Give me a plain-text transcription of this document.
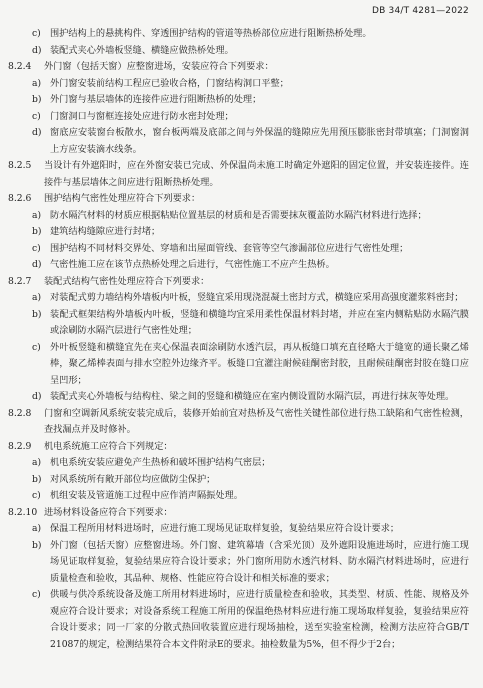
DB 34/T 4281—2022
c)	围护结构上的悬挑构件、穿透围护结构的管道等热桥部位应进行阻断热桥处理。
d) 装配式夹心外墙板竖缝、横缝应做热桥处理。
8.2.4	外门窗（包括天窗）应整窗进场，安装应符合下列要求：
a) 外门窗安装前结构工程应已验收合格，门窗结构洞口平整；
b) 外门窗与基层墙体的连接件应进行阻断热桥的处理；
c)	门窗洞口与窗框连接处应进行防水密封处理；
d) 窗底应安装窗台板散水，窗台板两端及底部之间与外保温的缝隙应先用预压膨胀密封带填塞；门洞窗洞上方应安装滴水线条。
8.2.5	当设计有外遮阳时，应在外窗安装已完成、外保温尚未施工时确定外遮阳的固定位置，并安装连接件。连接件与基层墙体之间应进行阻断热桥处理。
8.2.6	围护结构气密性处理应符合下列要求：
a) 防水隔汽材料的材质应根据粘贴位置基层的材质和是否需要抹灰覆盖防水隔汽材料进行选择；
b) 建筑结构缝隙应进行封堵；
c)	围护结构不同材料交界处、穿墙和出屋面管线、套管等空气渗漏部位应进行气密性处理；
d) 气密性施工应在该节点热桥处理之后进行，气密性施工不应产生热桥。
8.2.7	装配式结构气密性处理应符合下列要求：
a) 对装配式剪力墙结构外墙板内叶板，竖缝宜采用现浇混凝土密封方式，横缝应采用高强度灌浆料密封；
b) 装配式框架结构外墙板内叶板，竖缝和横缝均宜采用柔性保温材料封堵，并应在室内侧粘贴防水隔汽膜或涂刷防水隔汽层进行气密性处理；
c)	外叶板竖缝和横缝宜先在夹心保温表面涂刷防水透汽层，再从板缝口填充直径略大于缝宽的通长聚乙烯棒，聚乙烯棒表面与排水空腔外边缘齐平。板缝口宜灌注耐候硅酮密封胶，且耐候硅酮密封胶在缝口应呈凹形；
d) 装配式夹心外墙板与结构柱、梁之间的竖缝和横缝应在室内侧设置防水隔汽层，再进行抹灰等处理。
8.2.8	门窗和空调新风系统安装完成后，装修开始前宜对热桥及气密性关键性部位进行热工缺陷和气密性检测，查找漏点并及时修补。
8.2.9	机电系统施工应符合下列规定：
a) 机电系统安装应避免产生热桥和破坏围护结构气密层；
b) 对风系统所有敞开部位均应做防尘保护；
c)	机组安装及管道施工过程中应作消声隔振处理。
8.2.10 进场材料设备应符合下列要求：
a) 保温工程所用材料进场时，应进行施工现场见证取样复验，复验结果应符合设计要求；
b) 外门窗（包括天窗）应整窗进场。外门窗、建筑幕墙（含采光顶）及外遮阳设施进场时，应进行施工现场见证取样复验，复验结果应符合设计要求；外门窗所用防水透汽材料、防水隔汽材料进场时，应进行质量检查和验收，其品种、规格、性能应符合设计和相关标准的要求；
c)	供暖与供冷系统设备及施工所用材料进场时，应进行质量检查和验收，其类型、材质、性能、规格及外观应符合设计要求；对设备系统工程施工所用的保温绝热材料应进行施工现场取样复验，复验结果应符合设计要求；同一厂家的分散式热回收装置应进行现场抽检，送至实验室检测，检测方法应符合GB/T 21087的规定，检测结果符合本文件附录E的要求。抽检数量为5%，但不得少于2台；
